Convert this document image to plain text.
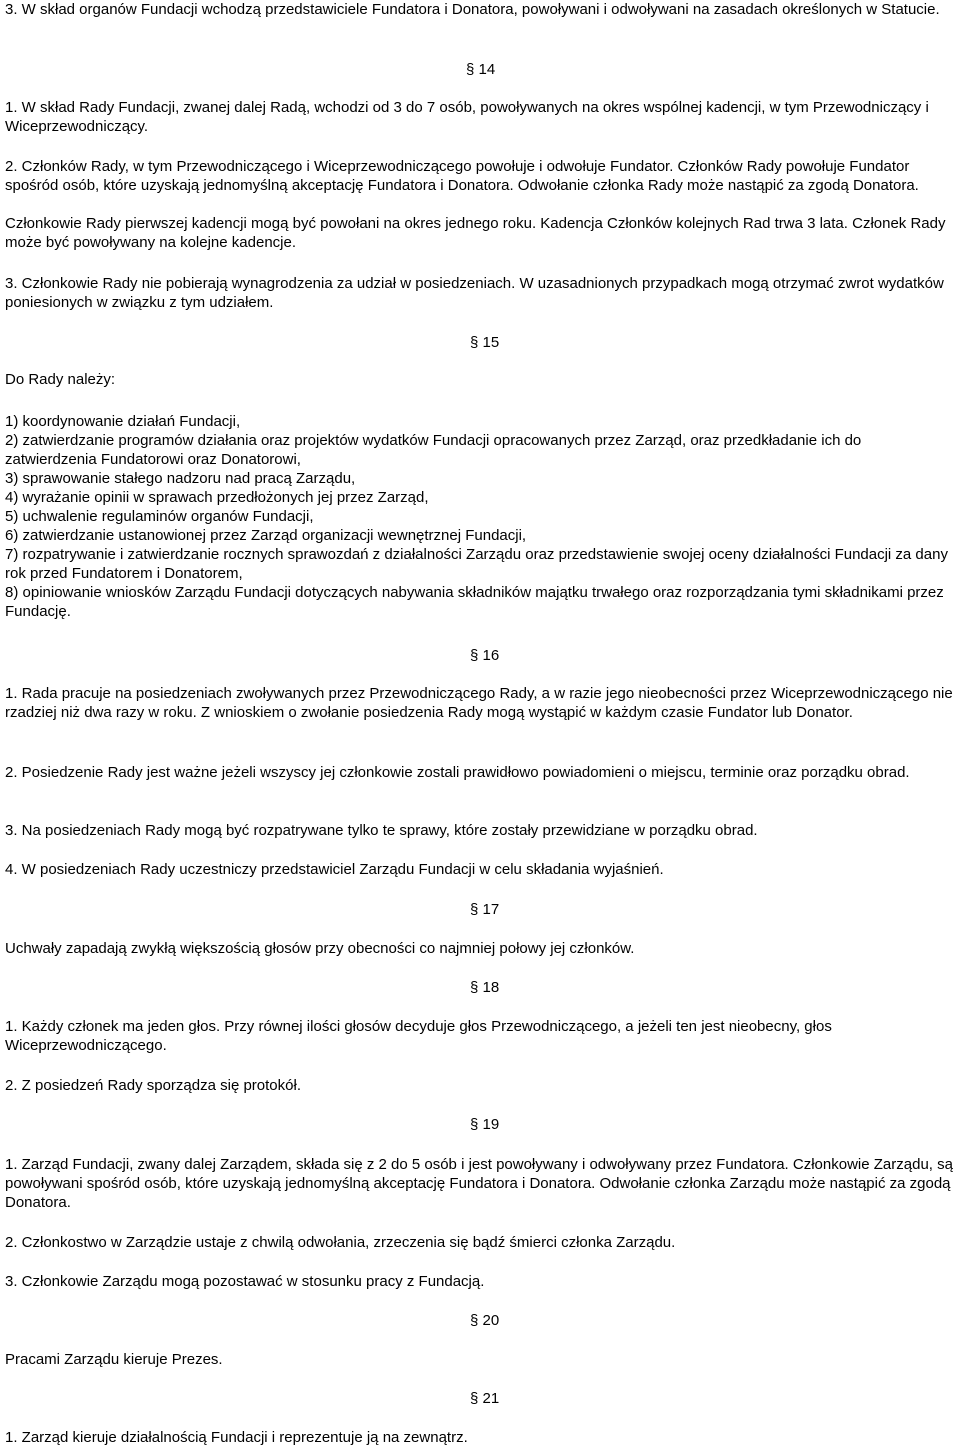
3. W skład organów Fundacji wchodzą przedstawiciele Fundatora i Donatora, powoływani i odwoływani na zasadach określonych w Statucie.

§ 14

1. W skład Rady Fundacji, zwanej dalej Radą, wchodzi od 3 do 7 osób, powoływanych na okres wspólnej kadencji, w tym Przewodniczący i Wiceprzewodniczący.

2. Członków Rady, w tym Przewodniczącego i Wiceprzewodniczącego powołuje i odwołuje Fundator. Członków Rady powołuje Fundator spośród osób, które uzyskają jednomyślną akceptację Fundatora i Donatora. Odwołanie członka Rady może nastąpić za zgodą Donatora.

Członkowie Rady pierwszej kadencji mogą być powołani na okres jednego roku. Kadencja Członków kolejnych Rad trwa 3 lata. Członek Rady może być powoływany na kolejne kadencje.

3. Członkowie Rady nie pobierają wynagrodzenia za udział w posiedzeniach. W uzasadnionych przypadkach mogą otrzymać zwrot wydatków poniesionych w związku z tym udziałem.

§ 15

Do Rady należy:

1) koordynowanie działań Fundacji,
2) zatwierdzanie programów działania oraz projektów wydatków Fundacji opracowanych przez Zarząd, oraz przedkładanie ich do zatwierdzenia Fundatorowi oraz Donatorowi,
3) sprawowanie stałego nadzoru nad pracą Zarządu,
4) wyrażanie opinii w sprawach przedłożonych jej przez Zarząd,
5) uchwalenie regulaminów organów Fundacji,
6) zatwierdzanie ustanowionej przez Zarząd organizacji wewnętrznej Fundacji,
7) rozpatrywanie i zatwierdzanie rocznych sprawozdań z działalności Zarządu oraz przedstawienie swojej oceny działalności Fundacji za dany rok przed Fundatorem i Donatorem,
8) opiniowanie wniosków Zarządu Fundacji dotyczących nabywania składników majątku trwałego oraz rozporządzania tymi składnikami przez Fundację.

§ 16

1. Rada pracuje na posiedzeniach zwoływanych przez Przewodniczącego Rady, a w razie jego nieobecności przez Wiceprzewodniczącego nie rzadziej niż dwa razy w roku. Z wnioskiem o zwołanie posiedzenia Rady mogą wystąpić w każdym czasie Fundator lub Donator.

2. Posiedzenie Rady jest ważne jeżeli wszyscy jej członkowie zostali prawidłowo powiadomieni o miejscu, terminie oraz porządku obrad.

3. Na posiedzeniach Rady mogą być rozpatrywane tylko te sprawy, które zostały przewidziane w porządku obrad.

4. W posiedzeniach Rady uczestniczy przedstawiciel Zarządu Fundacji w celu składania wyjaśnień.

§ 17

Uchwały zapadają zwykłą większością głosów przy obecności co najmniej połowy jej członków.

§ 18

1. Każdy członek ma jeden głos. Przy równej ilości głosów decyduje głos Przewodniczącego, a jeżeli ten jest nieobecny, głos Wiceprzewodniczącego.

2. Z posiedzeń Rady sporządza się protokół.

§ 19

1. Zarząd Fundacji, zwany dalej Zarządem, składa się z 2 do 5 osób i jest powoływany i odwoływany przez Fundatora. Członkowie Zarządu, są powoływani spośród osób, które uzyskają jednomyślną akceptację Fundatora i Donatora. Odwołanie członka Zarządu może nastąpić za zgodą Donatora.

2. Członkostwo w Zarządzie ustaje z chwilą odwołania, zrzeczenia się bądź śmierci członka Zarządu.

3. Członkowie Zarządu mogą pozostawać w stosunku pracy z Fundacją.

§ 20

Pracami Zarządu kieruje Prezes.

§ 21

1. Zarząd kieruje działalnością Fundacji i reprezentuje ją na zewnątrz.
